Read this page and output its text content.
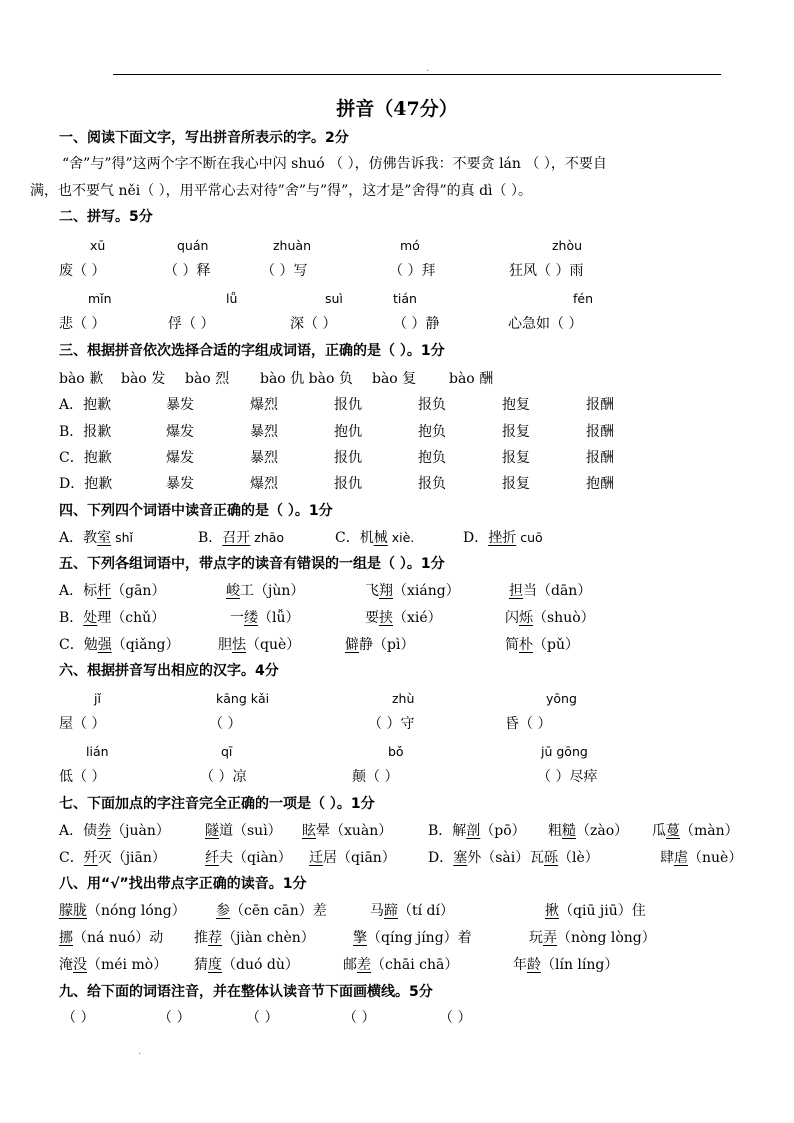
.
拼音（47分）
一、阅读下面文字，写出拼音所表示的字。2分
“舍”与”得”这两个字不断在我心中闪 shuó （ ），仿佛告诉我：不要贪 lán （ ），不要自
满，也不要气 něi（ ），用平常心去对待”舍”与”得”，这才是”舍得”的真 dì（ ）。
二、拼写。5分
xū	quán	zhuàn	mó	zhòu
废（ ）	（ ）释	（ ）写	（ ）拜	狂风（ ）雨
mǐn	lǚ	suì	tián	fén
悲（ ）	俘（ ）	深（ ）	（ ）静	心急如（ ）
三、根据拼音依次选择合适的字组成词语，正确的是（ ）。1分
bào 歉 bào 发 bào 烈 bào 仇 bào 负 bào 复 bào 酬
A．抱歉	暴发	爆烈	报仇	报负	抱复	报酬
B．报歉	爆发	暴烈	抱仇	抱负	报复	报酬
C．抱歉	爆发	暴烈	报仇	抱负	报复	报酬
D．抱歉	暴发	爆烈	报仇	报负	报复	抱酬
四、下列四个词语中读音正确的是（ ）。1分
A．教室 shǐ	B．召开 zhāo	C．机械 xiè.	D．挫折 cuō
五、下列各组词语中，带点字的读音有错误的一组是（ ）。1分
A．标杆（gān）	峻工（jùn）	飞翔（xiáng）	担当（dān）
B．处理（chǔ）	一缕（lǚ）	要挟（xié）	闪烁（shuò）
C．勉强（qiǎng）	胆怯（què）	僻静（pì）	简朴（pǔ）
六、根据拼音写出相应的汉字。4分
jǐ	kāng kǎi	zhù	yōng
屋（ ）	（ ）	（ ）守	昏（ ）
lián	qī	bǒ	jū gōng
低（ ）	（ ）凉	颠（ ）	（ ）尽瘁
七、下面加点的字注音完全正确的一项是（ ）。1分
A．债券（juàn）	隧道（suì） 眩晕（xuàn）	B．解剖（pō） 粗糙（zào） 瓜蔓（màn）
C．歼灭（jiān）	纤夫（qiàn） 迁居（qiān） D．塞外（sài） 瓦砾（lè）	肆虐（nuè）
八、用“√”找出带点字正确的读音。1分
朦胧（nóng lóng） 参（cēn cān）差	马蹄（tí dí）	揪（qiū jiū）住
挪（ná nuó）动 推荐（jiàn chèn）	擎（qíng jíng）着	玩弄（nòng lòng）
淹没（méi mò） 猜度（duó dù）	邮差（chāi chā）	年龄（lín líng）
九、给下面的词语注音，并在整体认读音节下面画横线。5分
（ ）	（ ）	（ ）	（ ）	（ ）
.
